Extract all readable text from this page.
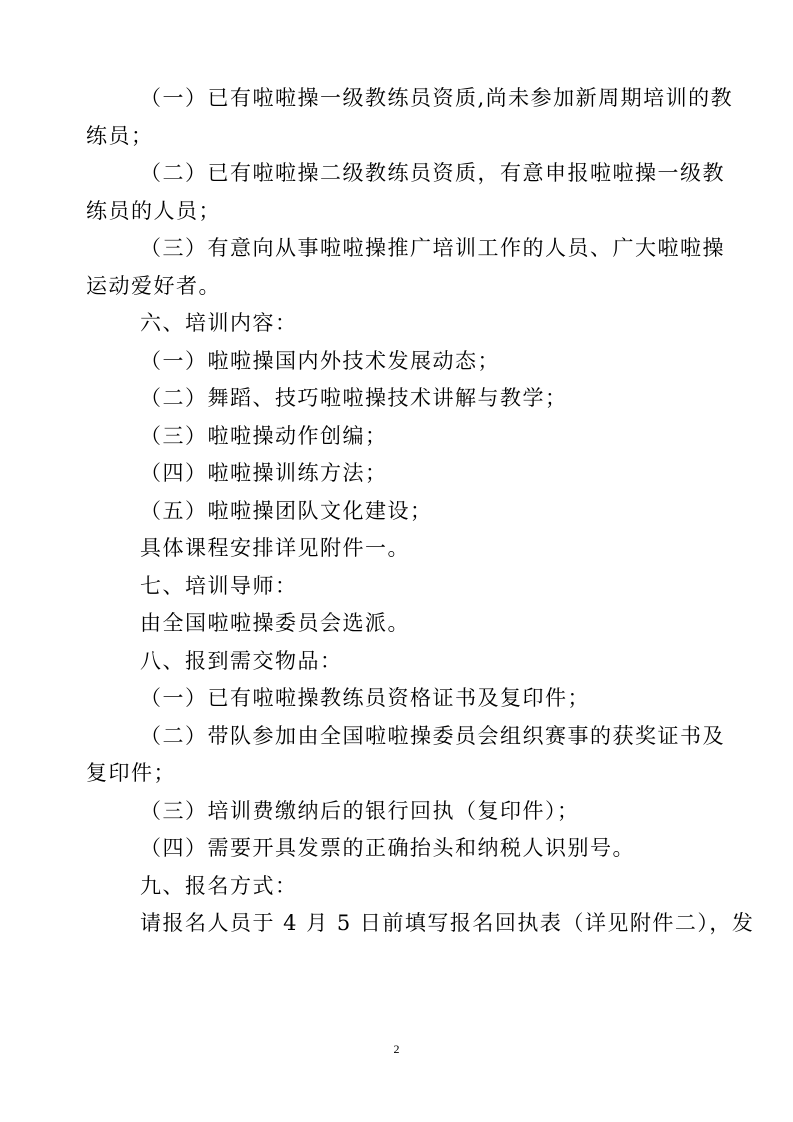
（一）已有啦啦操一级教练员资质,尚未参加新周期培训的教

练员；

（二）已有啦啦操二级教练员资质，有意申报啦啦操一级教

练员的人员；

（三）有意向从事啦啦操推广培训工作的人员、广大啦啦操

运动爱好者。

六、培训内容：

（一）啦啦操国内外技术发展动态；

（二）舞蹈、技巧啦啦操技术讲解与教学；

（三）啦啦操动作创编；

（四）啦啦操训练方法；

（五）啦啦操团队文化建设；

具体课程安排详见附件一。

七、培训导师：

由全国啦啦操委员会选派。

八、报到需交物品：

（一）已有啦啦操教练员资格证书及复印件；

（二）带队参加由全国啦啦操委员会组织赛事的获奖证书及

复印件；

（三）培训费缴纳后的银行回执（复印件）；

（四）需要开具发票的正确抬头和纳税人识别号。

九、报名方式：

请报名人员于 4 月 5 日前填写报名回执表（详见附件二），发

2
